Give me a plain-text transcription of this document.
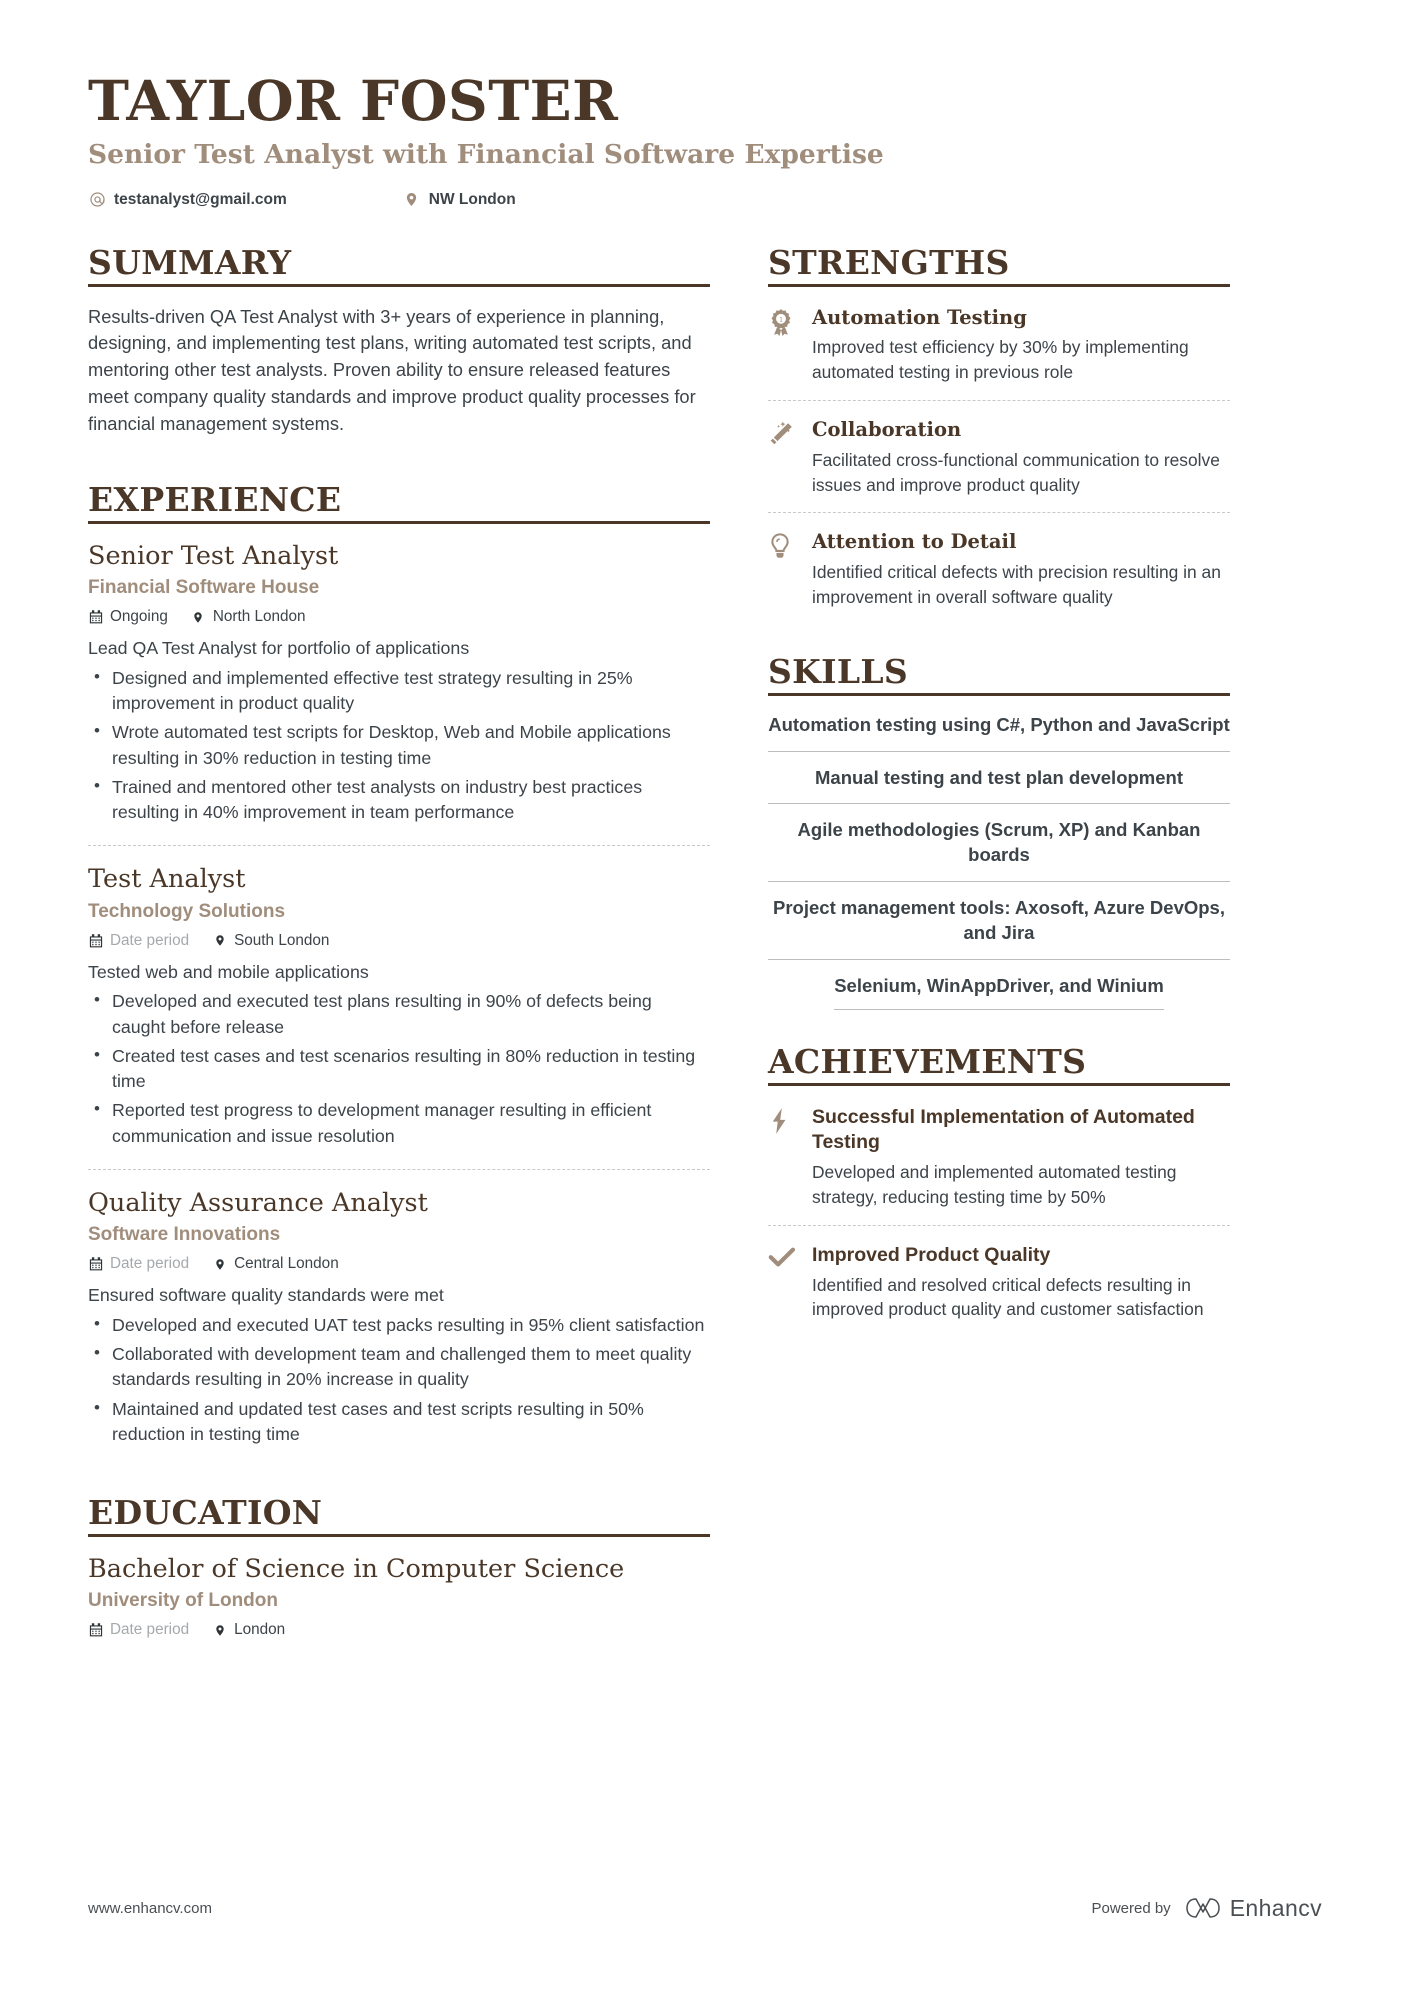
TAYLOR FOSTER
Senior Test Analyst with Financial Software Expertise
testanalyst@gmail.com	NW London
SUMMARY

Results-driven QA Test Analyst with 3+ years of experience in planning, designing, and implementing test plans, writing automated test scripts, and mentoring other test analysts. Proven ability to ensure released features meet company quality standards and improve product quality processes for financial management systems.

EXPERIENCE
Senior Test Analyst
Financial Software House
Ongoing	North London
Lead QA Test Analyst for portfolio of applications
• Designed and implemented effective test strategy resulting in 25% improvement in product quality
• Wrote automated test scripts for Desktop, Web and Mobile applications resulting in 30% reduction in testing time
• Trained and mentored other test analysts on industry best practices resulting in 40% improvement in team performance
Test Analyst
Technology Solutions
Date period	South London
Tested web and mobile applications
• Developed and executed test plans resulting in 90% of defects being caught before release
• Created test cases and test scenarios resulting in 80% reduction in testing time
• Reported test progress to development manager resulting in efficient communication and issue resolution
Quality Assurance Analyst
Software Innovations
Date period	Central London
Ensured software quality standards were met
• Developed and executed UAT test packs resulting in 95% client satisfaction
• Collaborated with development team and challenged them to meet quality standards resulting in 20% increase in quality
• Maintained and updated test cases and test scripts resulting in 50% reduction in testing time
EDUCATION
Bachelor of Science in Computer Science
University of London
Date period	London
STRENGTHS
1 Automation Testing
Improved test efficiency by 30% by implementing automated testing in previous role
Collaboration
Facilitated cross-functional communication to resolve issues and improve product quality
Attention to Detail
Identified critical defects with precision resulting in an improvement in overall software quality
SKILLS
Automation testing using C#, Python and JavaScript
Manual testing and test plan development
Agile methodologies (Scrum, XP) and Kanban boards
Project management tools: Axosoft, Azure DevOps, and Jira
Selenium, WinAppDriver, and Winium
ACHIEVEMENTS
Successful Implementation of Automated Testing
Developed and implemented automated testing strategy, reducing testing time by 50%
Improved Product Quality
Identified and resolved critical defects resulting in improved product quality and customer satisfaction
www.enhancv.com	Powered by	Enhancv
